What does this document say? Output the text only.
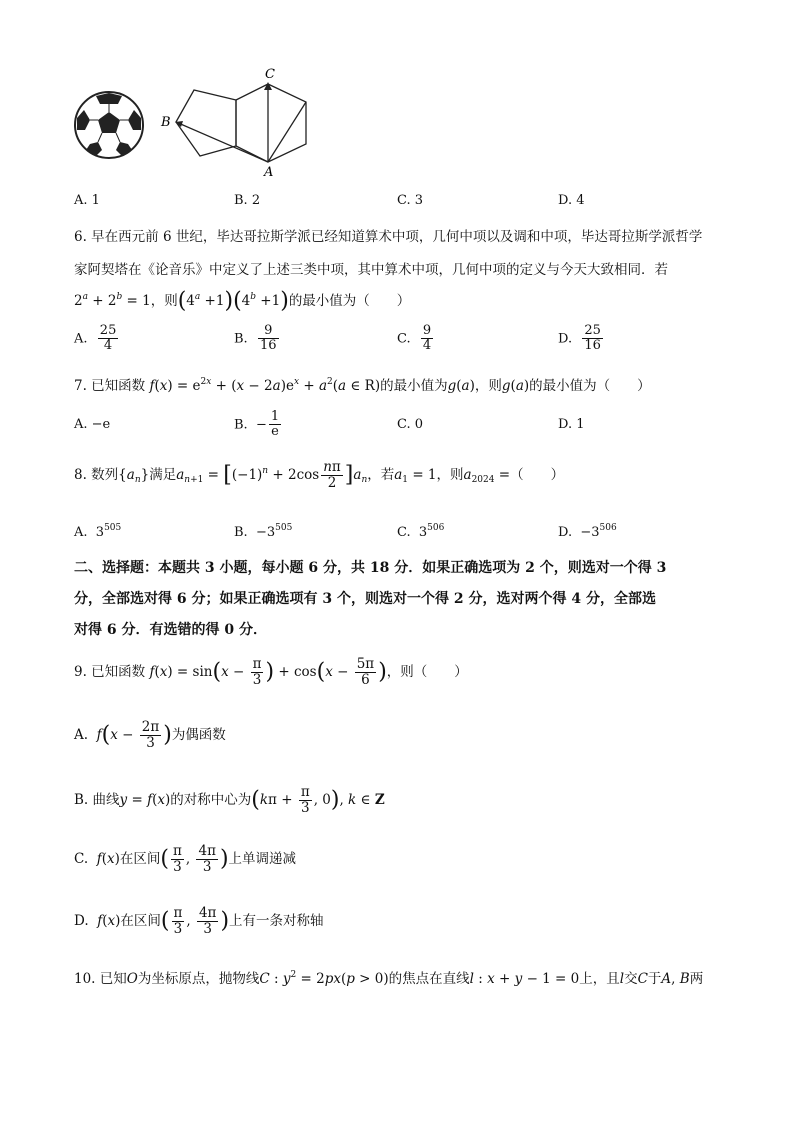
C
B
A
A. 1	B. 2	C. 3	D. 4
6. 早在西元前 6 世纪，毕达哥拉斯学派已经知道算术中项，几何中项以及调和中项，毕达哥拉斯学派哲学
家阿契塔在《论音乐》中定义了上述三类中项，其中算术中项，几何中项的定义与今天大致相同．若
$2^a + 2^b = 1$，则$(4^a +1)(4^b +1)$的最小值为（　　）
A. $\frac{25}{4}$	B. $\frac{9}{16}$	C. $\frac{9}{4}$	D. $\frac{25}{16}$
7. 已知函数 $f(x) = e^{2x} + (x - 2a)e^x + a^2(a$ ∈ R)的最小值为g(a)，则g(a)的最小值为（　　）
A. −e	B. − $\frac{1}{e}$	C. 0	D. 1
8. 数列$\{a_n\}$满足$a_{n+1} = [(-1)^n + 2\cos \frac{n\pi}{2} ]a_n$，若$a_1 = 1$，则$a_{2024}$ =（　　）
A. $3^{505}$	B. $-3^{505}$	C. $3^{506}$	D. $-3^{506}$
二、选择题：本题共 3 小题，每小题 6 分，共 18 分．如果正确选项为 2 个，则选对一个得 3
分，全部选对得 6 分；如果正确选项有 3 个，则选对一个得 2 分，选对两个得 4 分，全部选
对得 6 分．有选错的得 0 分．
9. 已知函数 $f(x) = \sin(x - \frac{\pi}{3}$ ) + $\cos(x - \frac{5\pi}{6}$ )，则（　　）
A.  $f(x - \frac{2\pi}{3}$ )为偶函数
B. 曲线y = f(x)的对称中心为($k\pi + \frac{\pi}{3}$ , 0), k ∈ Z
C.  f(x)在区间( $\frac{\pi}{3}$ , $\frac{4\pi}{3}$ )上单调递减
D.  f(x)在区间( $\frac{\pi}{3}$ , $\frac{4\pi}{3}$ )上有一条对称轴
10. 已知O为坐标原点，抛物线C : $y^2 = 2px(p > 0)$的焦点在直线l : x + y − 1 = 0上，且l交C于A, B两
